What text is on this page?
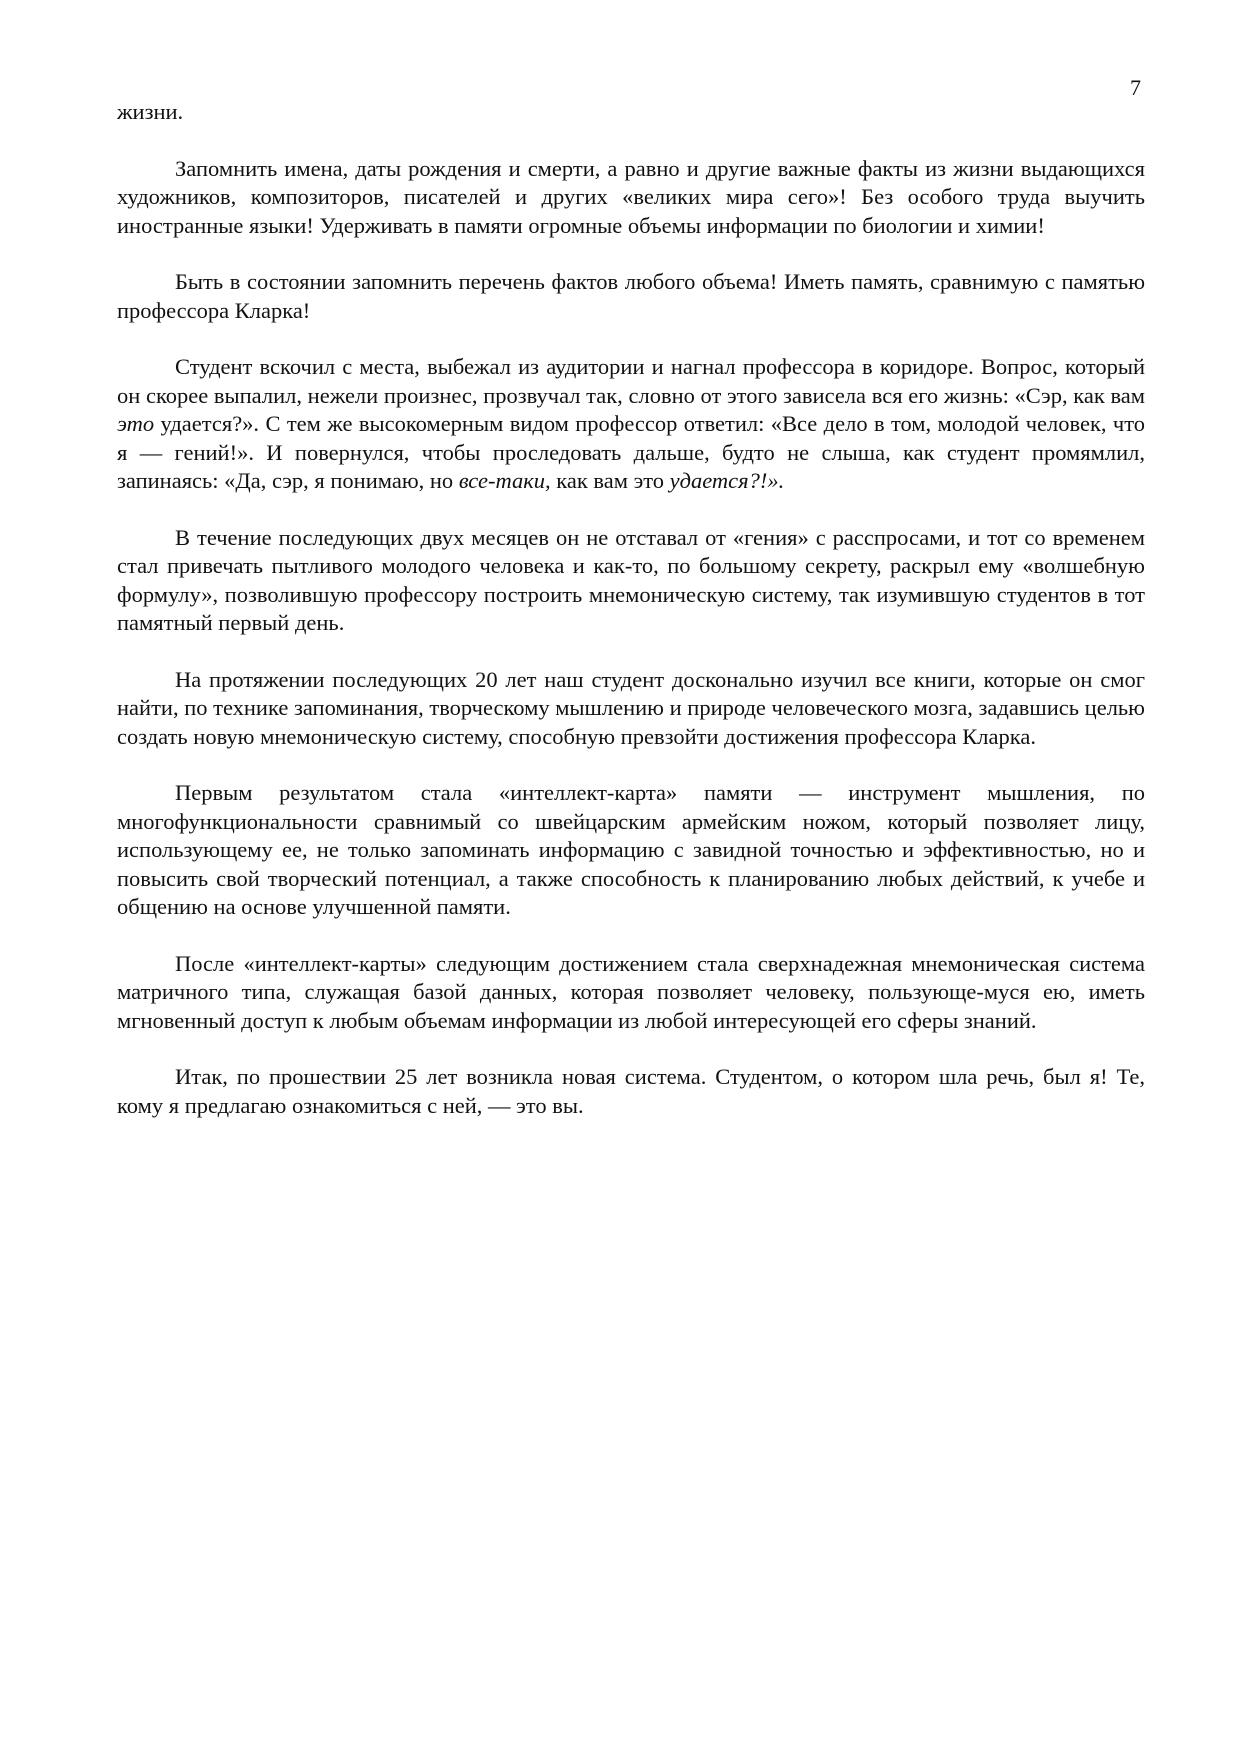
7

жизни.

Запомнить имена, даты рождения и смерти, а равно и другие важные факты из жизни выдающихся художников, композиторов, писателей и других «великих мира сего»! Без особого труда выучить иностранные языки! Удерживать в памяти огромные объемы информации по биологии и химии!

Быть в состоянии запомнить перечень фактов любого объема! Иметь память, сравнимую с памятью профессора Кларка!

Студент вскочил с места, выбежал из аудитории и нагнал профессора в коридоре. Вопрос, который он скорее выпалил, нежели произнес, прозвучал так, словно от этого зависела вся его жизнь: «Сэр, как вам это удается?». С тем же высокомерным видом профессор ответил: «Все дело в том, молодой человек, что я — гений!». И повернулся, чтобы проследовать дальше, будто не слыша, как студент промямлил, запинаясь: «Да, сэр, я понимаю, но все-таки, как вам это удается?!».

В течение последующих двух месяцев он не отставал от «гения» с расспросами, и тот со временем стал привечать пытливого молодого человека и как-то, по большому секрету, раскрыл ему «волшебную формулу», позволившую профессору построить мнемоническую систему, так изумившую студентов в тот памятный первый день.

На протяжении последующих 20 лет наш студент досконально изучил все книги, которые он смог найти, по технике запоминания, творческому мышлению и природе человеческого мозга, задавшись целью создать новую мнемоническую систему, способную превзойти достижения профессора Кларка.

Первым результатом стала «интеллект-карта» памяти — инструмент мышления, по многофункциональности сравнимый со швейцарским армейским ножом, который позволяет лицу, использующему ее, не только запоминать информацию с завидной точностью и эффективностью, но и повысить свой творческий потенциал, а также способность к планированию любых действий, к учебе и общению на основе улучшенной памяти.

После «интеллект-карты» следующим достижением стала сверхнадежная мнемоническая система матричного типа, служащая базой данных, которая позволяет человеку, пользующе-муся ею, иметь мгновенный доступ к любым объемам информации из любой интересующей его сферы знаний.

Итак, по прошествии 25 лет возникла новая система. Студентом, о котором шла речь, был я! Те, кому я предлагаю ознакомиться с ней, — это вы.
